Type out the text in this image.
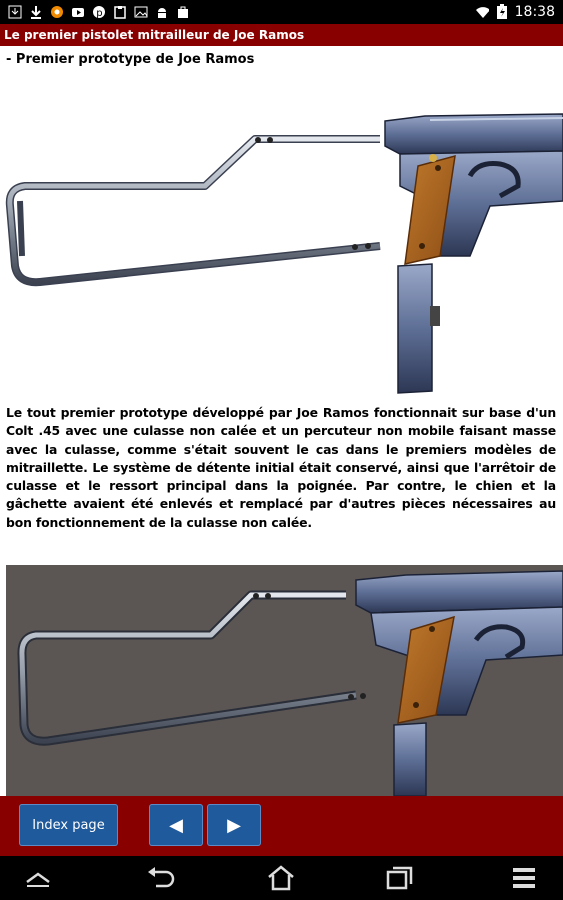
p	18:38
Le premier pistolet mitrailleur de Joe Ramos
- Premier prototype de Joe Ramos
Le tout premier prototype développé par Joe Ramos fonctionnait sur base d'un Colt .45 avec une culasse non calée et un percuteur non mobile faisant masse avec la culasse, comme s'était souvent le cas dans le premiers modèles de mitraillette. Le système de détente initial était conservé, ainsi que l'arrêtoir de culasse et le ressort principal dans la poignée. Par contre, le chien et la gâchette avaient été enlevés et remplacé par d'autres pièces nécessaires au bon fonctionnement de la culasse non calée.
Index page	◀ ▶
